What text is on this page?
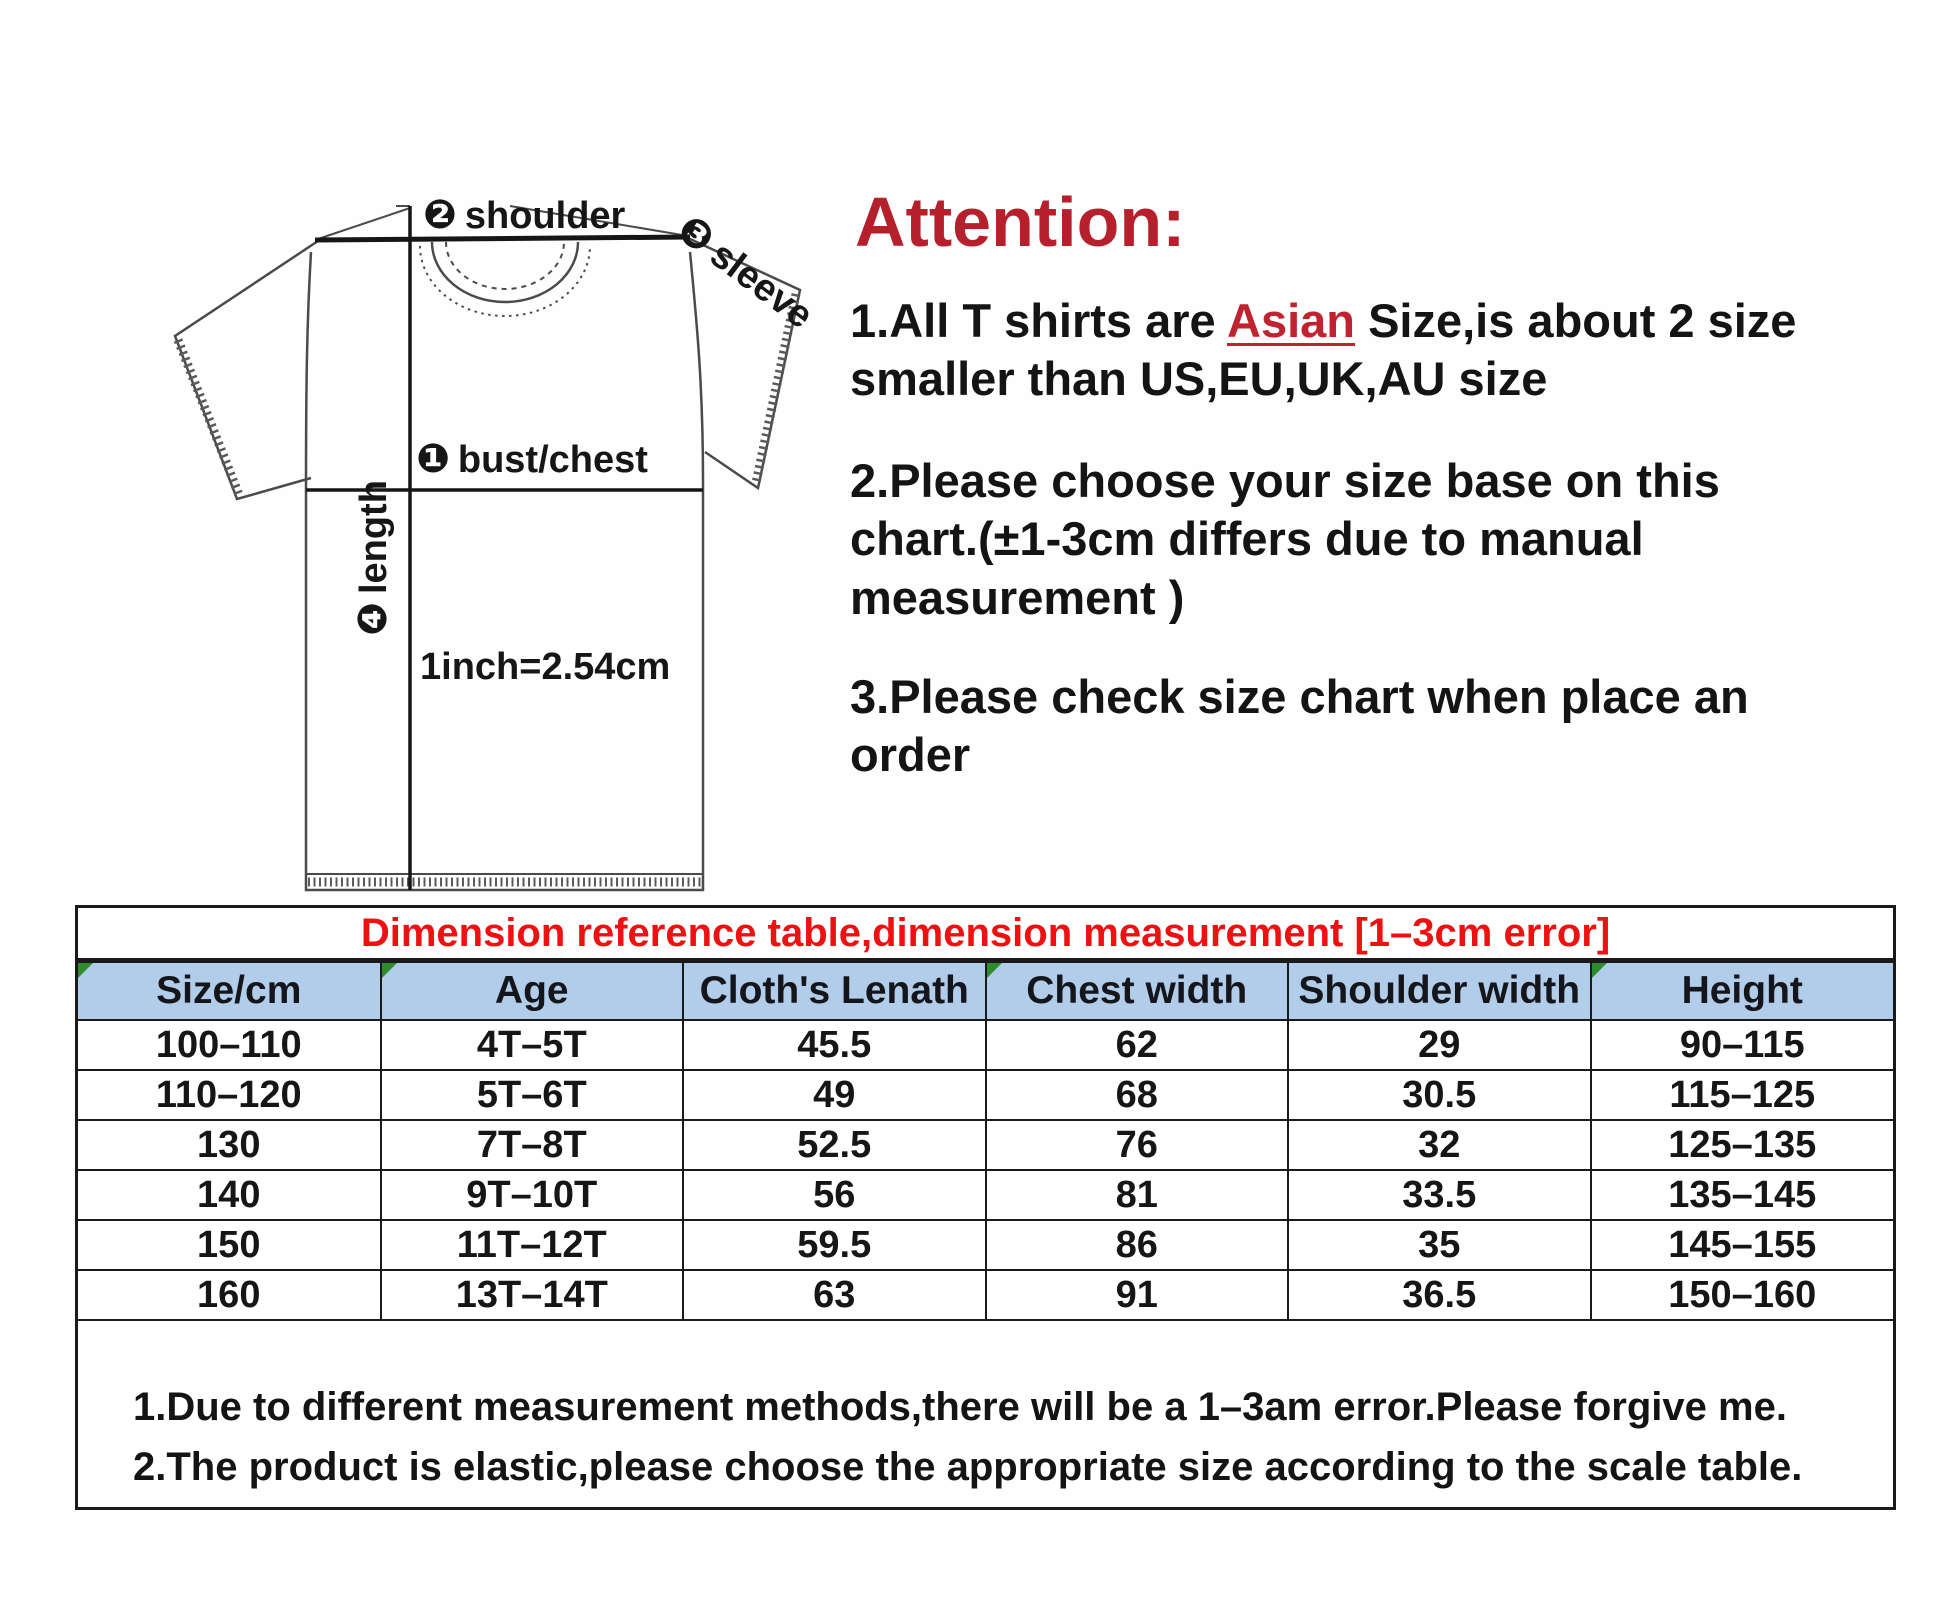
❷ shoulder ❸sleeve
❶ bust/chest
❹length
1inch=2.54cm
Attention:
1.All T shirts are Asian Size,is about 2 size smaller than US,EU,UK,AU size
2.Please choose your size base on this chart.(±1-3cm differs due to manual measurement )
3.Please check size chart when place an order
Dimension reference table,dimension measurement [1–3cm error]
Size/cm	Age	Cloth's Lenath	Chest width	Shoulder width	Height
100–110	4T–5T	45.5	62	29	90–115
110–120	5T–6T	49	68	30.5	115–125
130	7T–8T	52.5	76	32	125–135
140	9T–10T	56	81	33.5	135–145
150	11T–12T	59.5	86	35	145–155
160	13T–14T	63	91	36.5	150–160
1.Due to different measurement methods,there will be a 1–3am error.Please forgive me.
2.The product is elastic,please choose the appropriate size according to the scale table.
